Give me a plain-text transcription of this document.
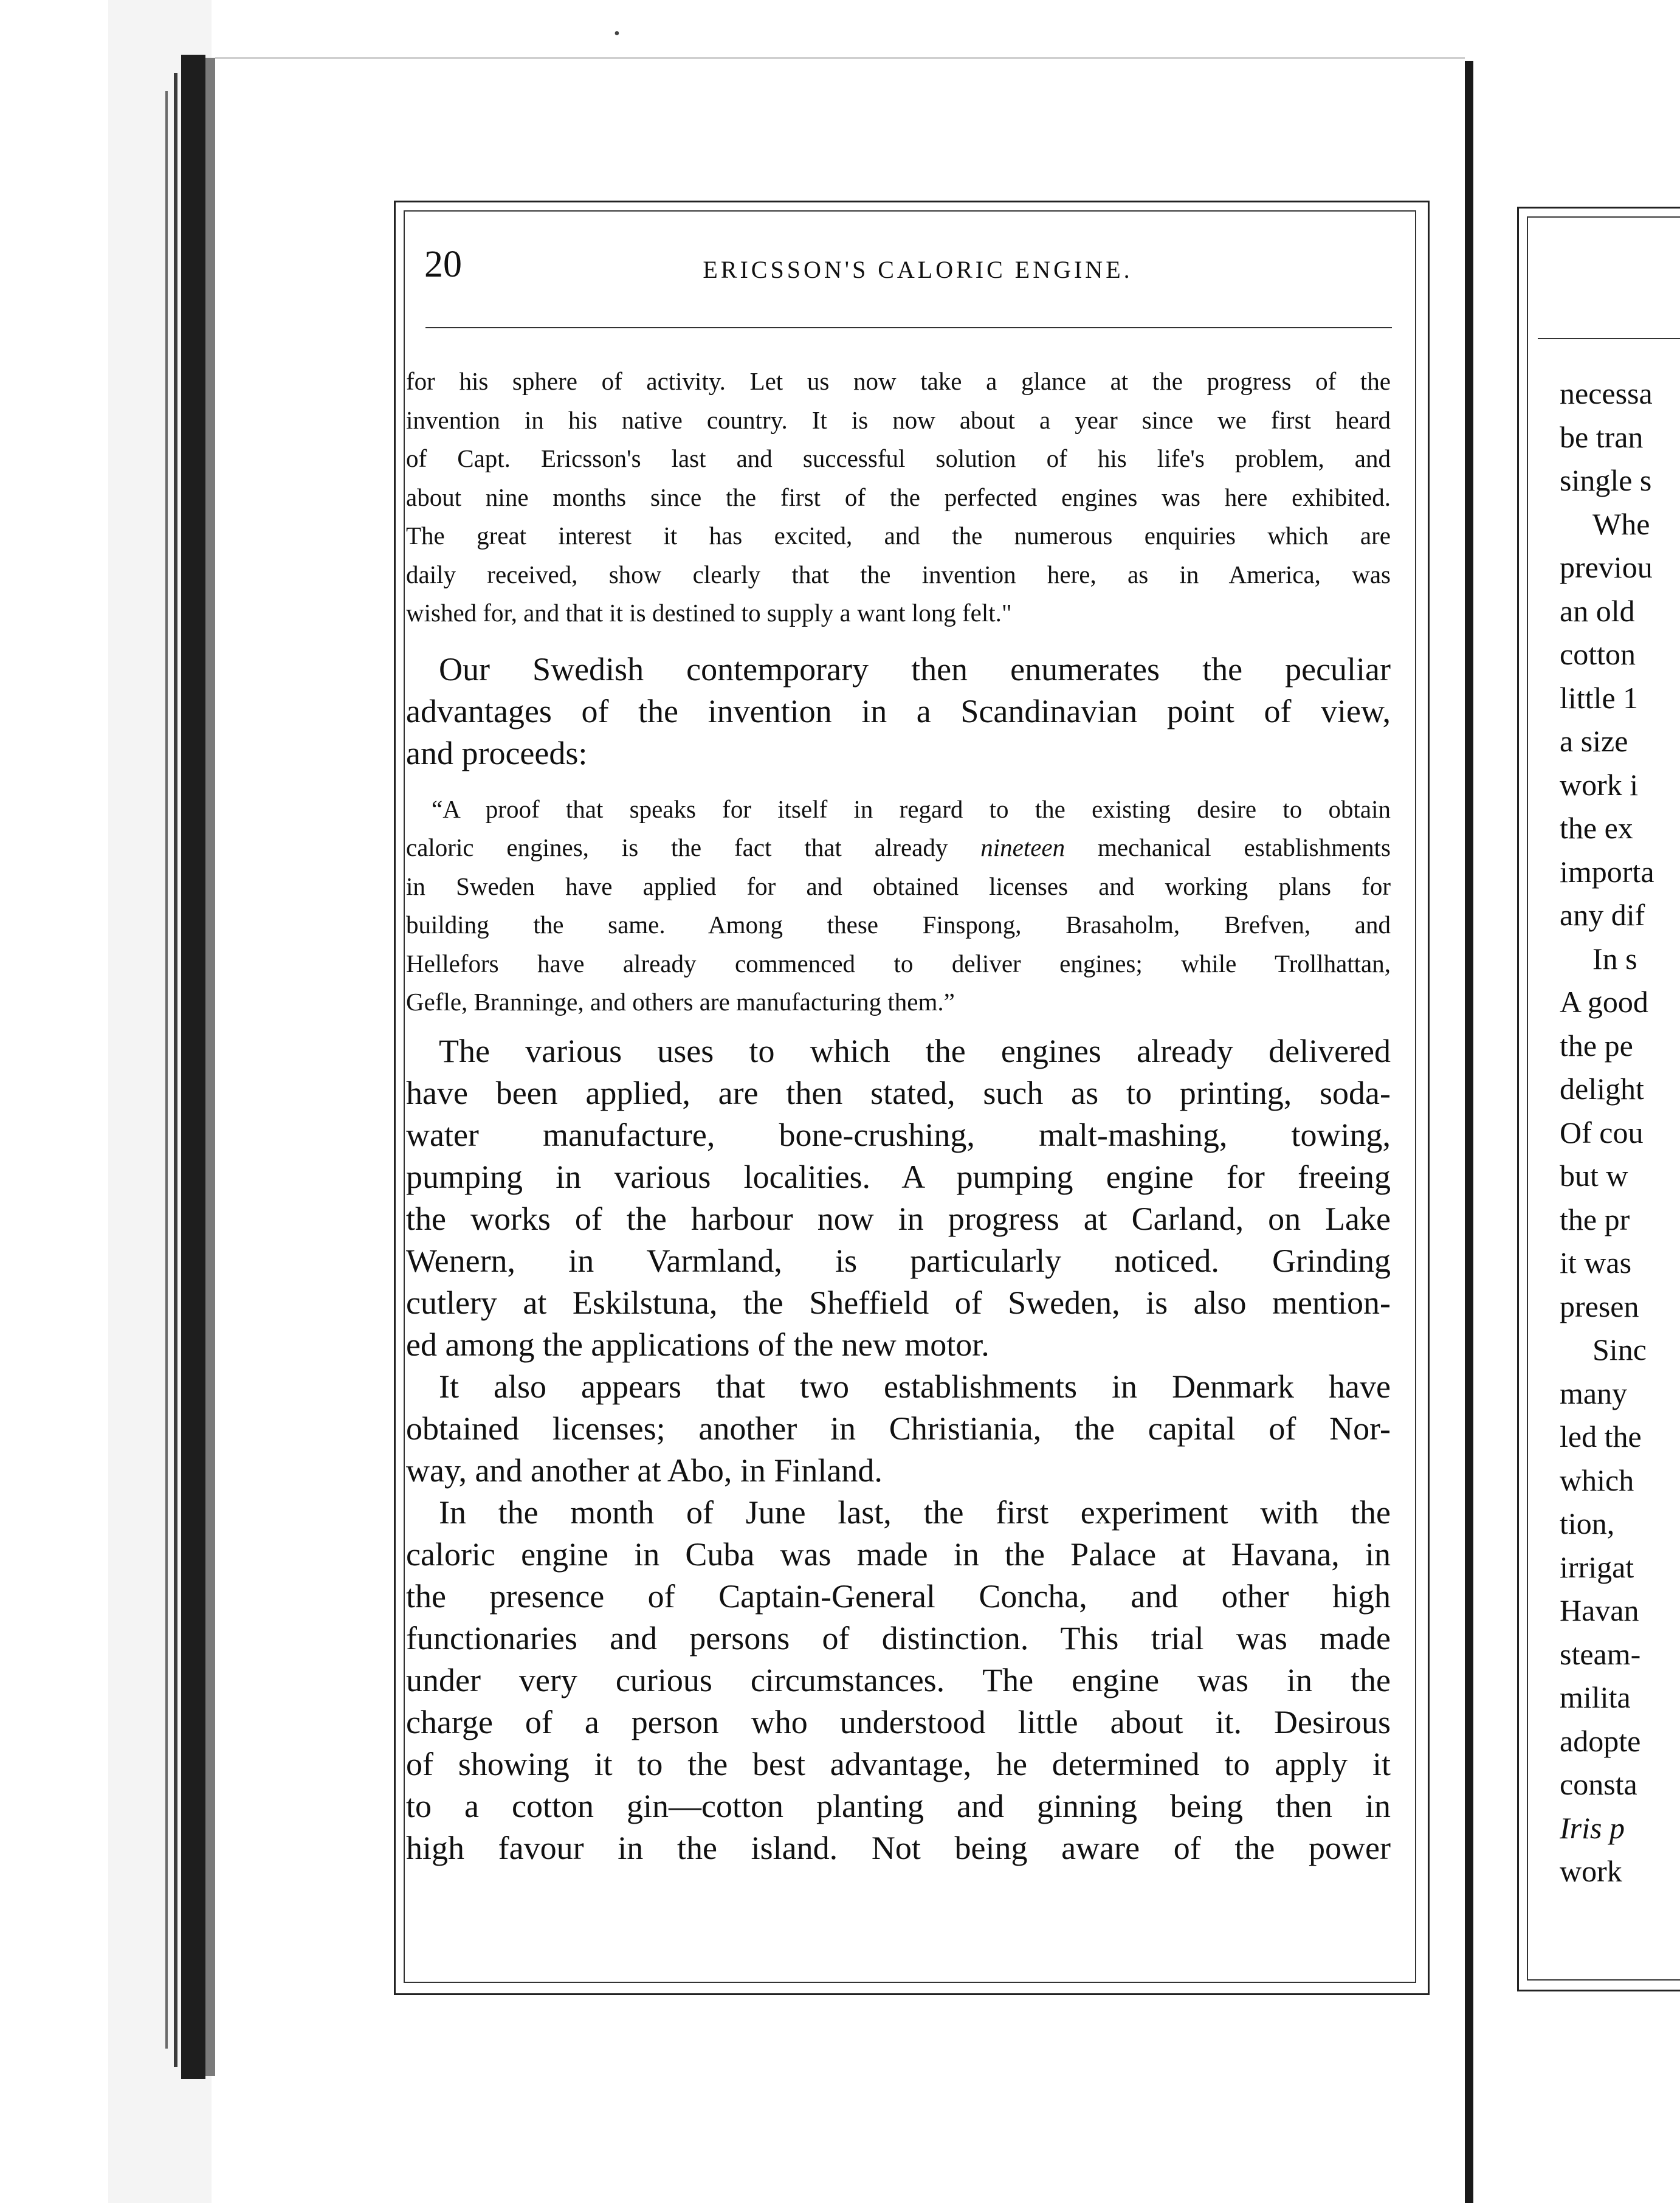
•
20	ERICSSON'S CALORIC ENGINE.

for his sphere of activity. Let us now take a glance at the progress of the

invention in his native country. It is now about a year since we first heard

of Capt. Ericsson's last and successful solution of his life's problem, and

about nine months since the first of the perfected engines was here exhibited.

The great interest it has excited, and the numerous enquiries which are

daily received, show clearly that the invention here, as in America, was

wished for, and that it is destined to supply a want long felt."

Our Swedish contemporary then enumerates the peculiar

advantages of the invention in a Scandinavian point of view,

and proceeds:

“A proof that speaks for itself in regard to the existing desire to obtain

caloric engines, is the fact that already nineteen mechanical establishments

in Sweden have applied for and obtained licenses and working plans for

building the same. Among these Finspong, Brasaholm, Brefven, and

Hellefors have already commenced to deliver engines; while Trollhattan,

Gefle, Branninge, and others are manufacturing them.”

The various uses to which the engines already delivered

have been applied, are then stated, such as to printing, soda-

water manufacture, bone-crushing, malt-mashing, towing,

pumping in various localities. A pumping engine for freeing

the works of the harbour now in progress at Carland, on Lake

Wenern, in Varmland, is particularly noticed. Grinding

cutlery at Eskilstuna, the Sheffield of Sweden, is also mention-

ed among the applications of the new motor.

It also appears that two establishments in Denmark have

obtained licenses; another in Christiania, the capital of Nor-

way, and another at Abo, in Finland.

In the month of June last, the first experiment with the

caloric engine in Cuba was made in the Palace at Havana, in

the presence of Captain-General Concha, and other high

functionaries and persons of distinction. This trial was made

under very curious circumstances. The engine was in the

charge of a person who understood little about it. Desirous

of showing it to the best advantage, he determined to apply it

to a cotton gin—cotton planting and ginning being then in

high favour in the island. Not being aware of the power

necessa
be tran
single s
Whe
previou
an old
cotton
little 1
a size
work i
the ex
importa
any dif
In s
A good
the pe
delight
Of cou
but w
the pr
it was
presen
Sinc
many
led the
which
tion,
irrigat
Havan
steam-
milita
adopte
consta
Iris p
work
